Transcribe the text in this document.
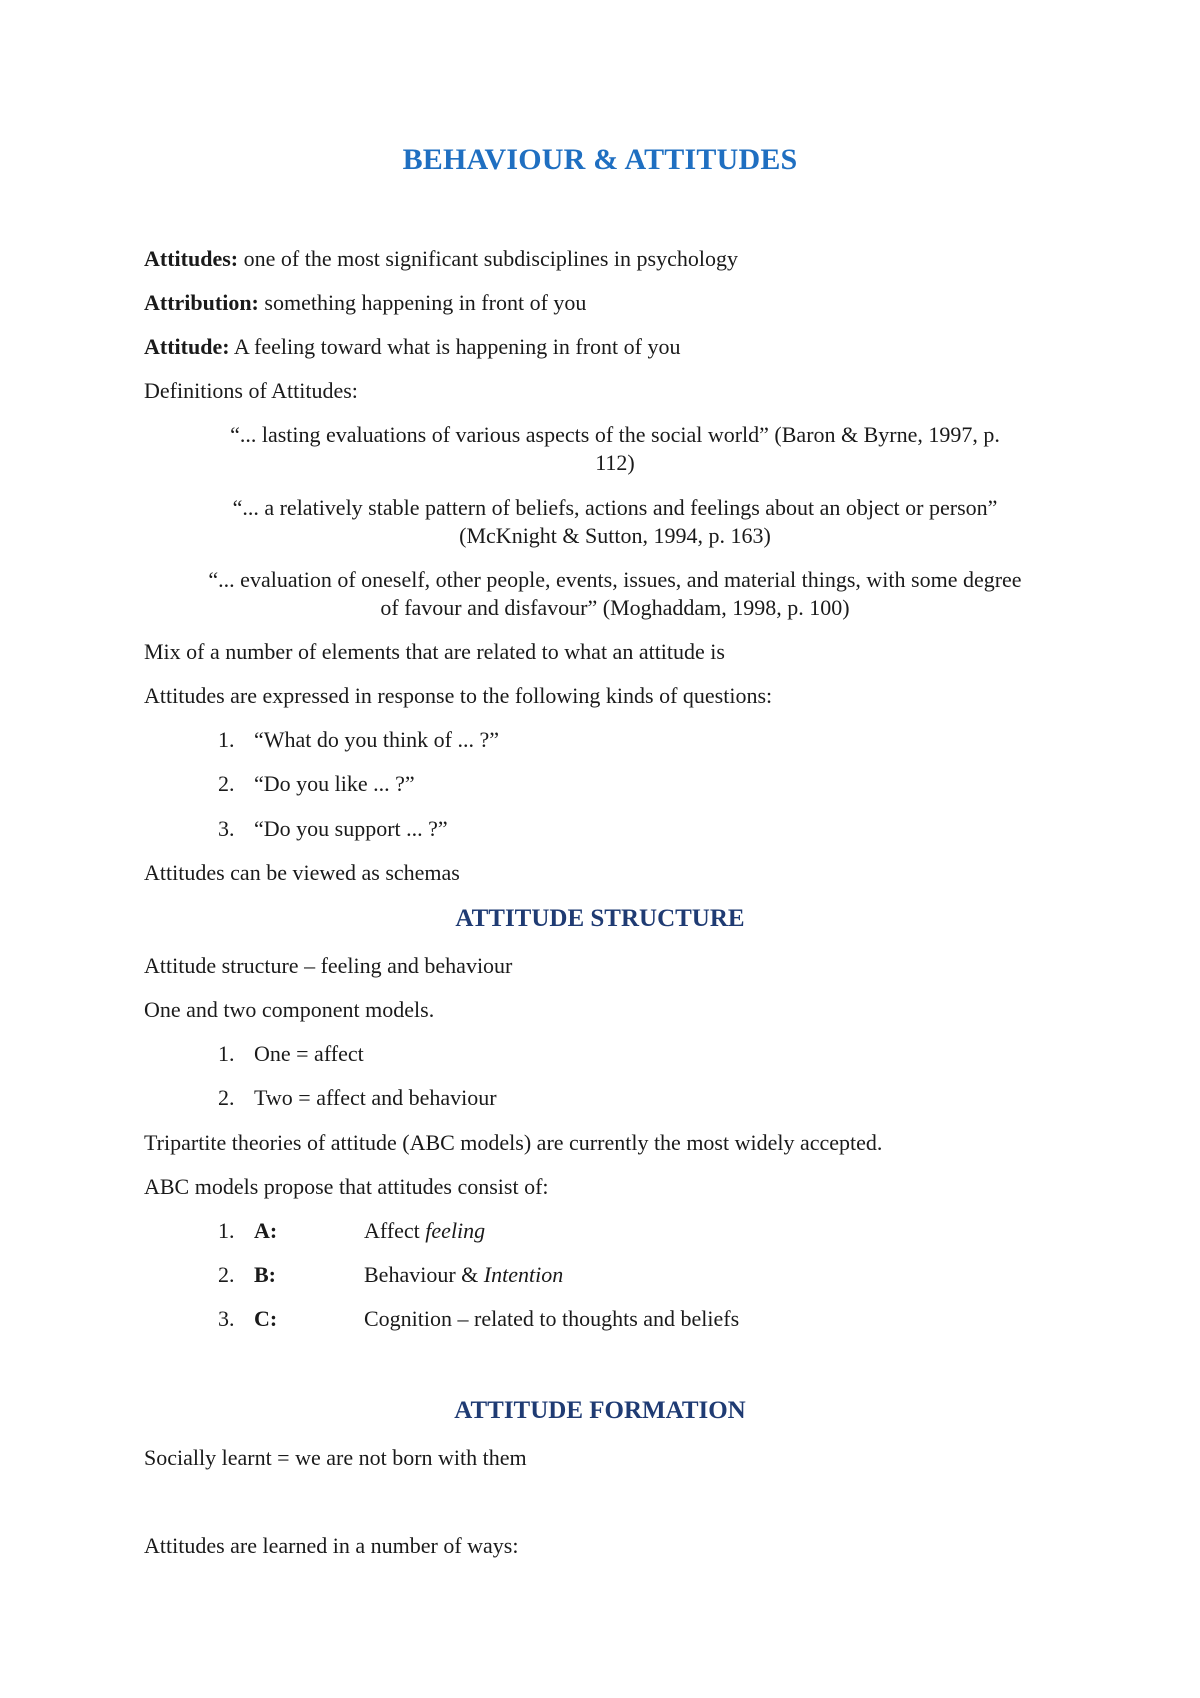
BEHAVIOUR & ATTITUDES
Attitudes: one of the most significant subdisciplines in psychology
Attribution: something happening in front of you
Attitude: A feeling toward what is happening in front of you
Definitions of Attitudes:
“... lasting evaluations of various aspects of the social world” (Baron & Byrne, 1997, p.
112)
“... a relatively stable pattern of beliefs, actions and feelings about an object or person”
(McKnight & Sutton, 1994, p. 163)
“... evaluation of oneself, other people, events, issues, and material things, with some degree
of favour and disfavour” (Moghaddam, 1998, p. 100)
Mix of a number of elements that are related to what an attitude is
Attitudes are expressed in response to the following kinds of questions:
1. “What do you think of ... ?”
2. “Do you like ... ?”
3. “Do you support ... ?”
Attitudes can be viewed as schemas
ATTITUDE STRUCTURE
Attitude structure – feeling and behaviour
One and two component models.
1. One = affect
2. Two = affect and behaviour
Tripartite theories of attitude (ABC models) are currently the most widely accepted.
ABC models propose that attitudes consist of:
1. A:	Affect feeling
2. B:	Behaviour & Intention
3. C:	Cognition – related to thoughts and beliefs
ATTITUDE FORMATION
Socially learnt = we are not born with them
Attitudes are learned in a number of ways:
